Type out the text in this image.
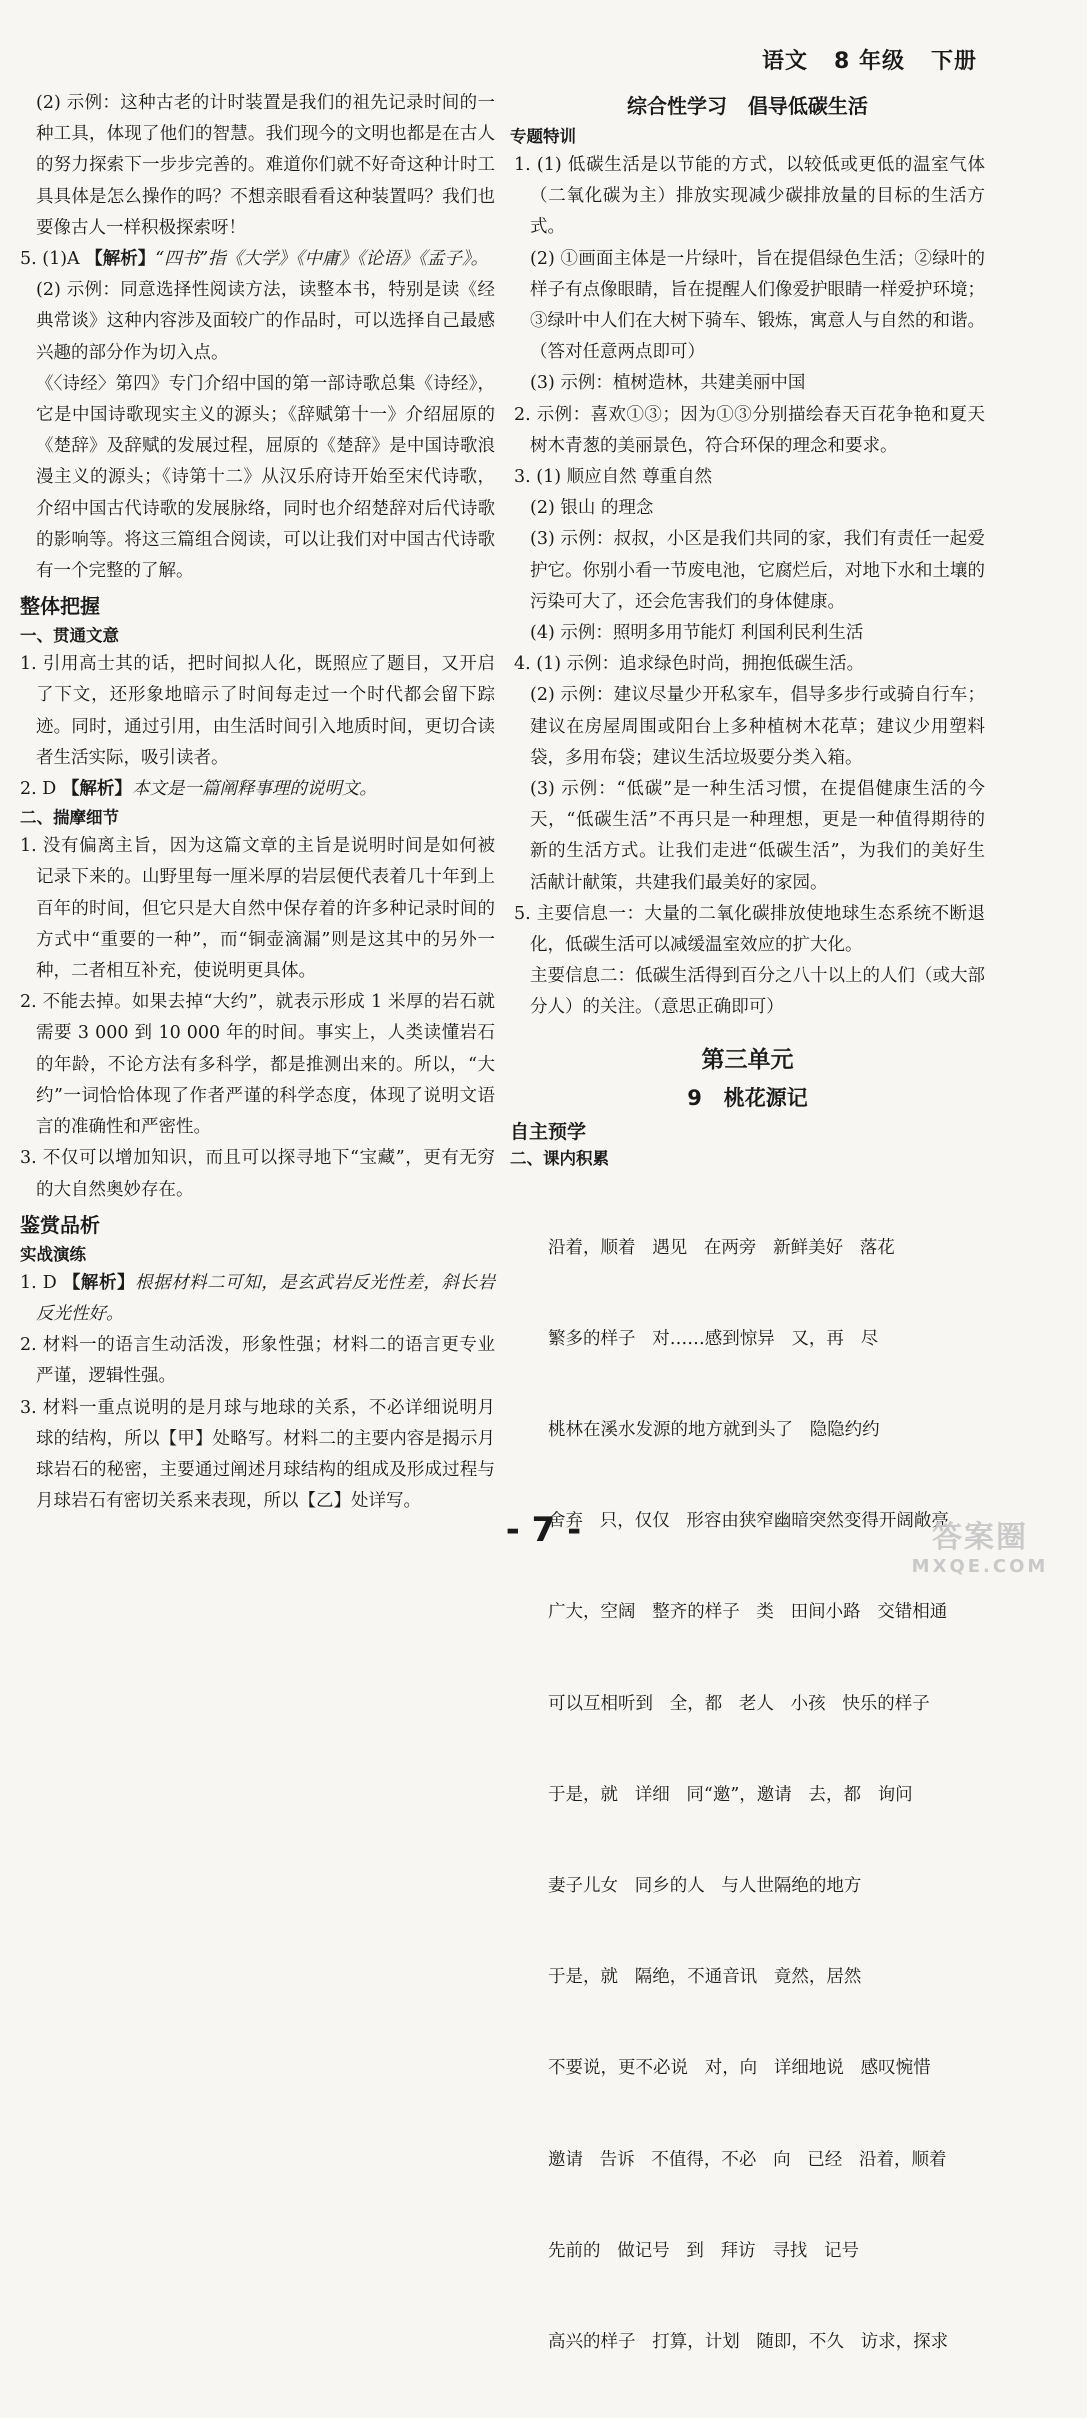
语文 8 年级 下册

(2) 示例：这种古老的计时装置是我们的祖先记录时间的一种工具，体现了他们的智慧。我们现今的文明也都是在古人的努力探索下一步步完善的。难道你们就不好奇这种计时工具具体是怎么操作的吗？不想亲眼看看这种装置吗？我们也要像古人一样积极探索呀！

5. (1)A 【解析】“四书”指《大学》《中庸》《论语》《孟子》。

(2) 示例：同意选择性阅读方法，读整本书，特别是读《经典常谈》这种内容涉及面较广的作品时，可以选择自己最感兴趣的部分作为切入点。

《〈诗经〉第四》专门介绍中国的第一部诗歌总集《诗经》，它是中国诗歌现实主义的源头；《辞赋第十一》介绍屈原的《楚辞》及辞赋的发展过程，屈原的《楚辞》是中国诗歌浪漫主义的源头；《诗第十二》从汉乐府诗开始至宋代诗歌，介绍中国古代诗歌的发展脉络，同时也介绍楚辞对后代诗歌的影响等。将这三篇组合阅读，可以让我们对中国古代诗歌有一个完整的了解。

整体把握
一、贯通文意

1. 引用高士其的话，把时间拟人化，既照应了题目，又开启了下文，还形象地暗示了时间每走过一个时代都会留下踪迹。同时，通过引用，由生活时间引入地质时间，更切合读者生活实际，吸引读者。

2. D 【解析】本文是一篇阐释事理的说明文。

二、揣摩细节

1. 没有偏离主旨，因为这篇文章的主旨是说明时间是如何被记录下来的。山野里每一厘米厚的岩层便代表着几十年到上百年的时间，但它只是大自然中保存着的许多种记录时间的方式中“重要的一种”，而“铜壶滴漏”则是这其中的另外一种，二者相互补充，使说明更具体。

2. 不能去掉。如果去掉“大约”，就表示形成 1 米厚的岩石就需要 3 000 到 10 000 年的时间。事实上，人类读懂岩石的年龄，不论方法有多科学，都是推测出来的。所以，“大约”一词恰恰体现了作者严谨的科学态度，体现了说明文语言的准确性和严密性。

3. 不仅可以增加知识，而且可以探寻地下“宝藏”，更有无穷的大自然奥妙存在。

鉴赏品析
实战演练

1. D 【解析】根据材料二可知，是玄武岩反光性差，斜长岩反光性好。

2. 材料一的语言生动活泼，形象性强；材料二的语言更专业严谨，逻辑性强。

3. 材料一重点说明的是月球与地球的关系，不必详细说明月球的结构，所以【甲】处略写。材料二的主要内容是揭示月球岩石的秘密，主要通过阐述月球结构的组成及形成过程与月球岩石有密切关系来表现，所以【乙】处详写。

综合性学习   倡导低碳生活
专题特训

1. (1) 低碳生活是以节能的方式，以较低或更低的温室气体（二氧化碳为主）排放实现减少碳排放量的目标的生活方式。

(2) ①画面主体是一片绿叶，旨在提倡绿色生活；②绿叶的样子有点像眼睛，旨在提醒人们像爱护眼睛一样爱护环境；③绿叶中人们在大树下骑车、锻炼，寓意人与自然的和谐。（答对任意两点即可）

(3) 示例：植树造林，共建美丽中国

2. 示例：喜欢①③；因为①③分别描绘春天百花争艳和夏天树木青葱的美丽景色，符合环保的理念和要求。

3. (1) 顺应自然 尊重自然

(2) 银山 的理念

(3) 示例：叔叔，小区是我们共同的家，我们有责任一起爱护它。你别小看一节废电池，它腐烂后，对地下水和土壤的污染可大了，还会危害我们的身体健康。

(4) 示例：照明多用节能灯 利国利民利生活

4. (1) 示例：追求绿色时尚，拥抱低碳生活。

(2) 示例：建议尽量少开私家车，倡导多步行或骑自行车；建议在房屋周围或阳台上多种植树木花草；建议少用塑料袋，多用布袋；建议生活垃圾要分类入箱。

(3) 示例：“低碳”是一种生活习惯，在提倡健康生活的今天，“低碳生活”不再只是一种理想，更是一种值得期待的新的生活方式。让我们走进“低碳生活”，为我们的美好生活献计献策，共建我们最美好的家园。

5. 主要信息一：大量的二氧化碳排放使地球生态系统不断退化，低碳生活可以减缓温室效应的扩大化。

主要信息二：低碳生活得到百分之八十以上的人们（或大部分人）的关注。（意思正确即可）

第三单元
9   桃花源记
自主预学
二、课内积累

沿着，顺着   遇见   在两旁   新鲜美好   落花

繁多的样子   对……感到惊异   又，再   尽

桃林在溪水发源的地方就到头了   隐隐约约

舍弃   只，仅仅   形容由狭窄幽暗突然变得开阔敞亮

广大，空阔   整齐的样子   类   田间小路   交错相通

可以互相听到   全，都   老人   小孩   快乐的样子

于是，就   详细   同“邀”，邀请   去，都   询问

妻子儿女   同乡的人   与人世隔绝的地方

于是，就   隔绝，不通音讯   竟然，居然

不要说，更不必说   对，向   详细地说   感叹惋惜

邀请   告诉   不值得，不必   向   已经   沿着，顺着

先前的   做记号   到   拜访   寻找   记号

高兴的样子   打算，计划   随即，不久   访求，探求

- 7 -	答案圈
MXQE.COM
